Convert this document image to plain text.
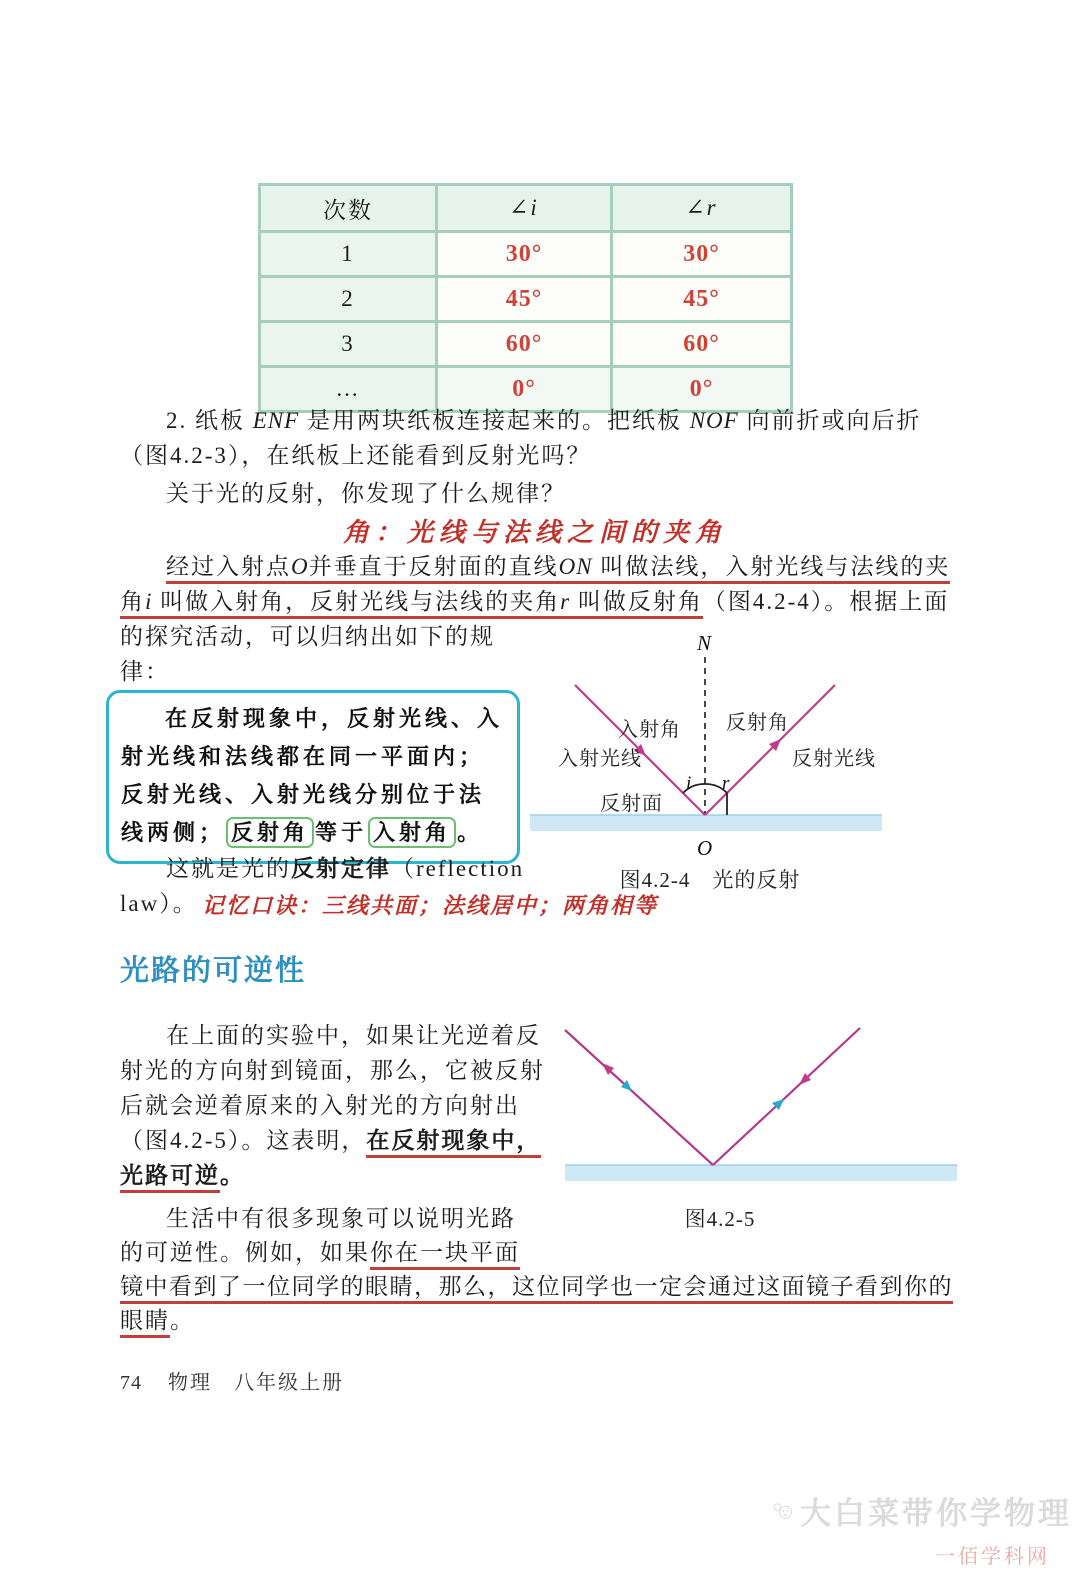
次数	∠i	∠r
1	30°	30°
2	45°	45°
3	60°	60°
…	0°	0°
2. 纸板 ENF 是用两块纸板连接起来的。把纸板 NOF 向前折或向后折（图4.2-3），在纸板上还能看到反射光吗？
关于光的反射，你发现了什么规律？
角：光线与法线之间的夹角
经过入射点O并垂直于反射面的直线ON 叫做法线，入射光线与法线的夹
角i 叫做入射角，反射光线与法线的夹角r 叫做反射角（图4.2-4）。根据上面
的探究活动，可以归纳出如下的规
律：
在反射现象中，反射光线、入射光线和法线都在同一平面内；反射光线、入射光线分别位于法线两侧； 反射角 等于 入射角 。
这就是光的反射定律（reflection law）。 记忆口诀：三线共面；法线居中；两角相等
N
入射光线
入射角 反射角
反射光线
反射面
i r
O
图4.2-4　光的反射
光路的可逆性
在上面的实验中，如果让光逆着反射光的方向射到镜面，那么，它被反射后就会逆着原来的入射光的方向射出（图4.2-5）。这表明，在反射现象中，光路可逆。
图4.2-5
生活中有很多现象可以说明光路
的可逆性。例如，如果你在一块平面
镜中看到了一位同学的眼睛，那么，这位同学也一定会通过这面镜子看到你的
眼睛。
74 物理 八年级上册
大白菜带你学物理
一佰学科网
